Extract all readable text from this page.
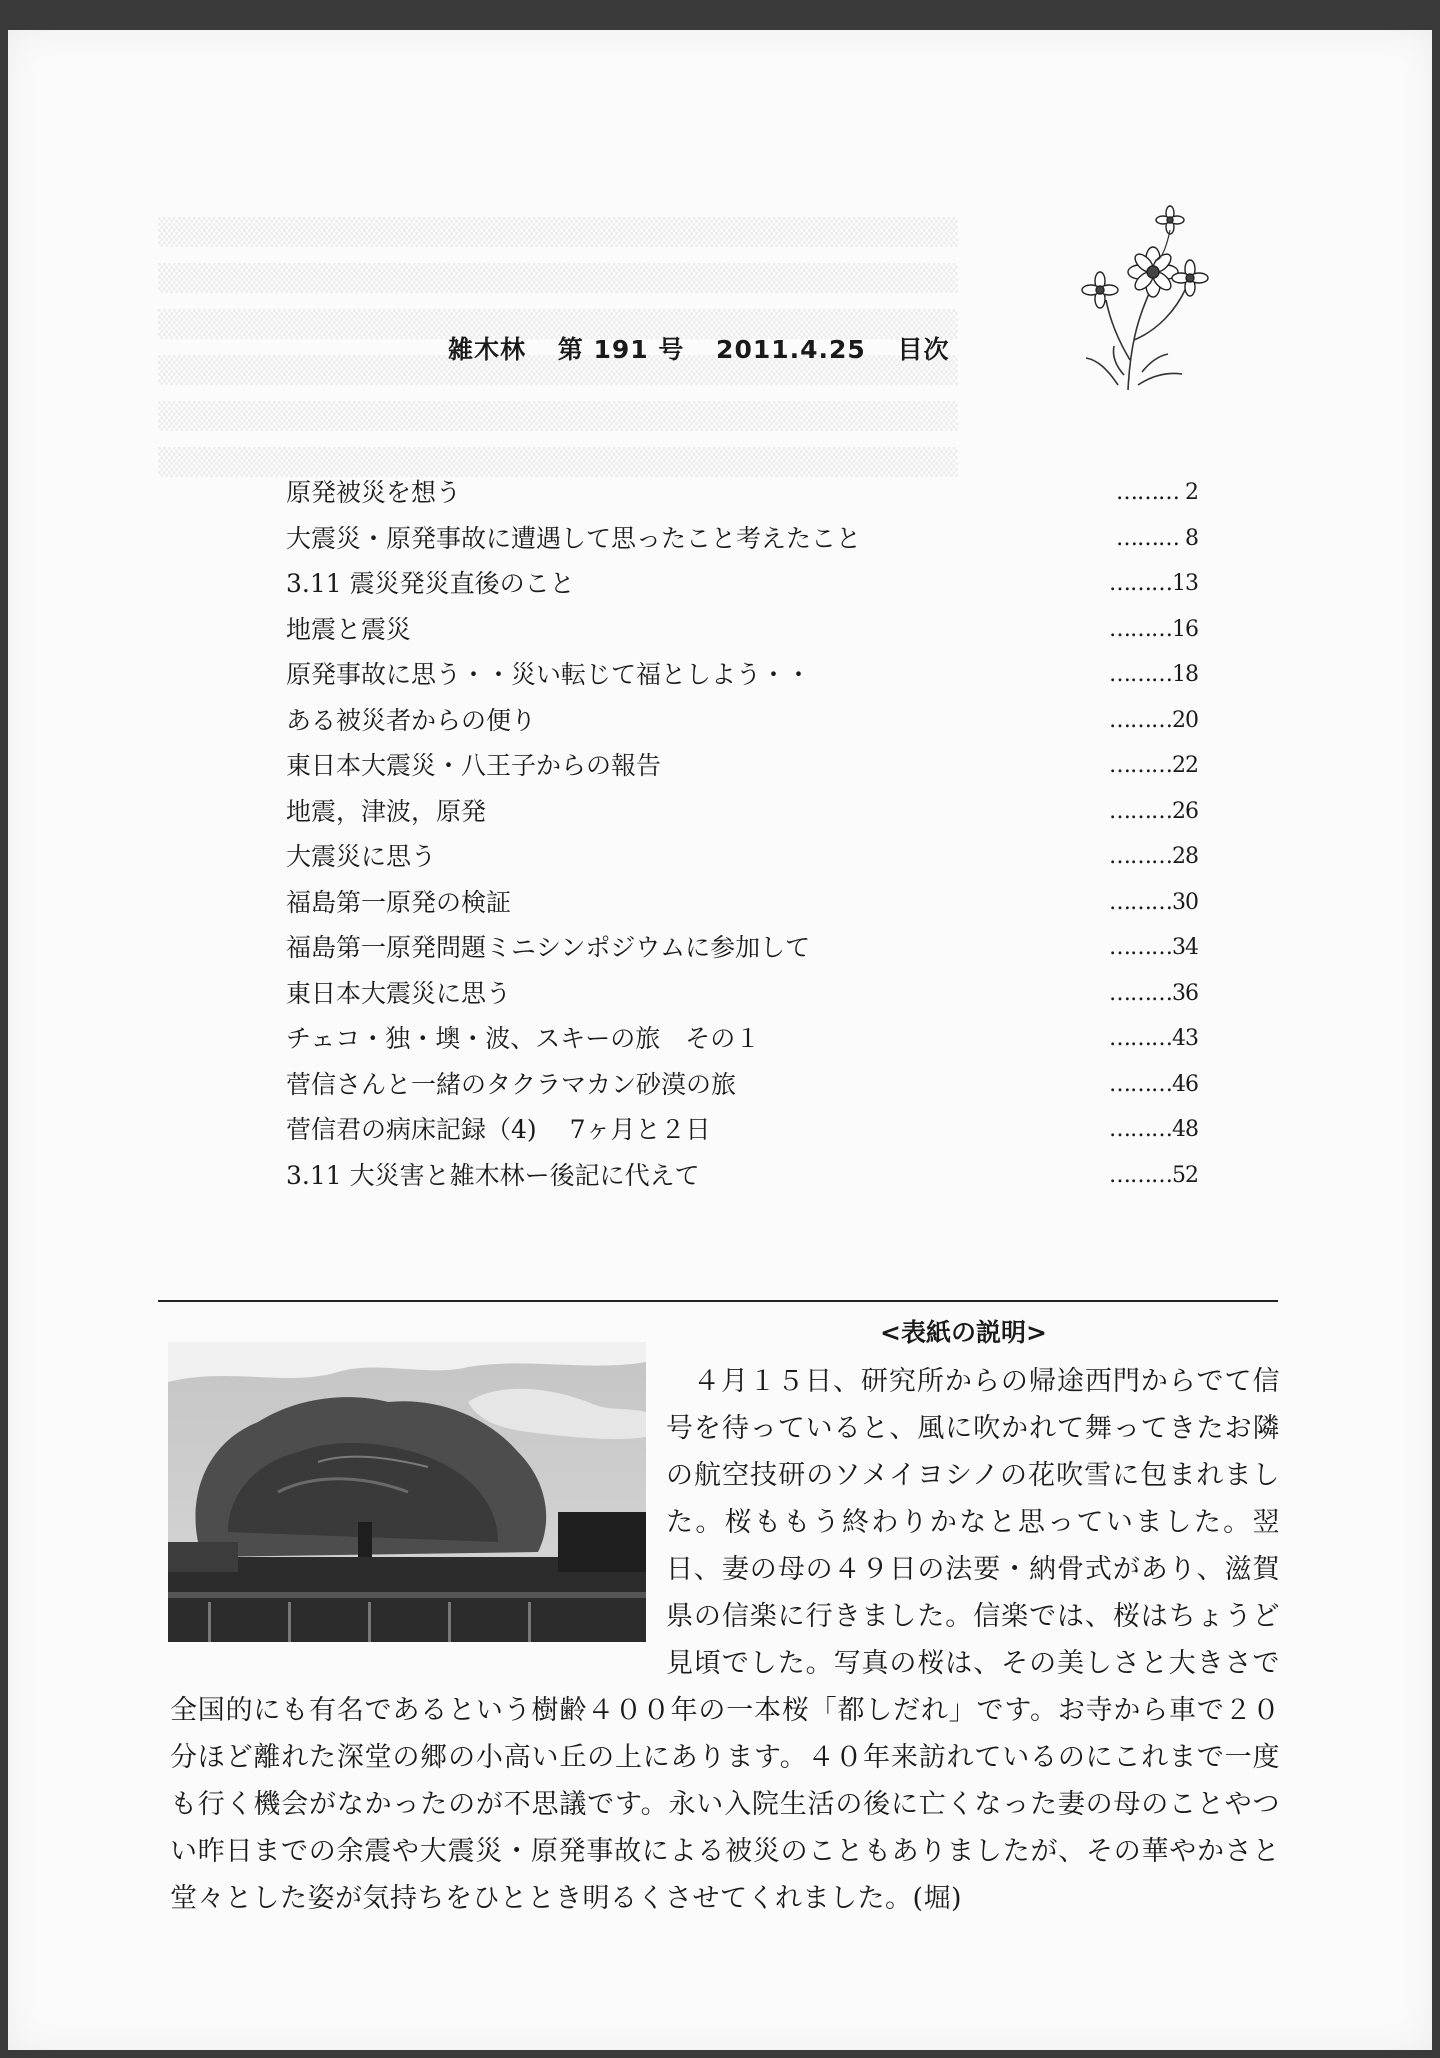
▒▒▒▒▒▒▒▒▒▒▒▒▒▒▒▒▒▒▒▒▒▒▒▒▒▒▒▒▒▒▒▒▒▒▒▒▒▒▒▒
▒▒▒▒▒▒▒▒▒▒▒▒▒▒▒▒▒▒▒▒▒▒▒▒▒▒▒▒▒▒▒▒▒▒▒▒▒▒▒▒
▒▒▒▒▒▒▒▒▒▒▒▒▒▒▒▒▒▒▒▒▒▒▒▒▒▒▒▒▒▒▒▒▒▒▒▒▒▒▒▒
▒▒▒▒▒▒▒▒▒▒▒▒▒▒▒▒▒▒▒▒▒▒▒▒▒▒▒▒▒▒▒▒▒▒▒▒▒▒▒▒
▒▒▒▒▒▒▒▒▒▒▒▒▒▒▒▒▒▒▒▒▒▒▒▒▒▒▒▒▒▒▒▒▒▒▒▒▒▒▒▒
▒▒▒▒▒▒▒▒▒▒▒▒▒▒▒▒▒▒▒▒▒▒▒▒▒▒▒▒▒▒▒▒▒▒▒▒▒▒▒▒
雑木林 第 191 号 2011.4.25 目次
原発被災を想う	……… 2
大震災・原発事故に遭遇して思ったこと考えたこと	……… 8
3.11 震災発災直後のこと	………13
地震と震災	………16
原発事故に思う・・災い転じて福としよう・・	………18
ある被災者からの便り	………20
東日本大震災・八王子からの報告	………22
地震，津波，原発	………26
大震災に思う	………28
福島第一原発の検証	………30
福島第一原発問題ミニシンポジウムに参加して	………34
東日本大震災に思う	………36
チェコ・独・墺・波、スキーの旅　その１	………43
菅信さんと一緒のタクラマカン砂漠の旅	………46
菅信君の病床記録（4)　 7ヶ月と２日	………48
3.11 大災害と雑木林ー後記に代えて	………52
<表紙の説明>

４月１５日、研究所からの帰途西門からでて信号を待っていると、風に吹かれて舞ってきたお隣の航空技研のソメイヨシノの花吹雪に包まれました。桜ももう終わりかなと思っていました。翌日、妻の母の４９日の法要・納骨式があり、滋賀県の信楽に行きました。信楽では、桜はちょうど見頃でした。写真の桜は、その美しさと大きさで全国的にも有名であるという樹齢４００年の一本桜「都しだれ」です。お寺から車で２０分ほど離れた深堂の郷の小高い丘の上にあります。４０年来訪れているのにこれまで一度も行く機会がなかったのが不思議です。永い入院生活の後に亡くなった妻の母のことやつい昨日までの余震や大震災・原発事故による被災のこともありましたが、その華やかさと堂々とした姿が気持ちをひととき明るくさせてくれました。(堀)
